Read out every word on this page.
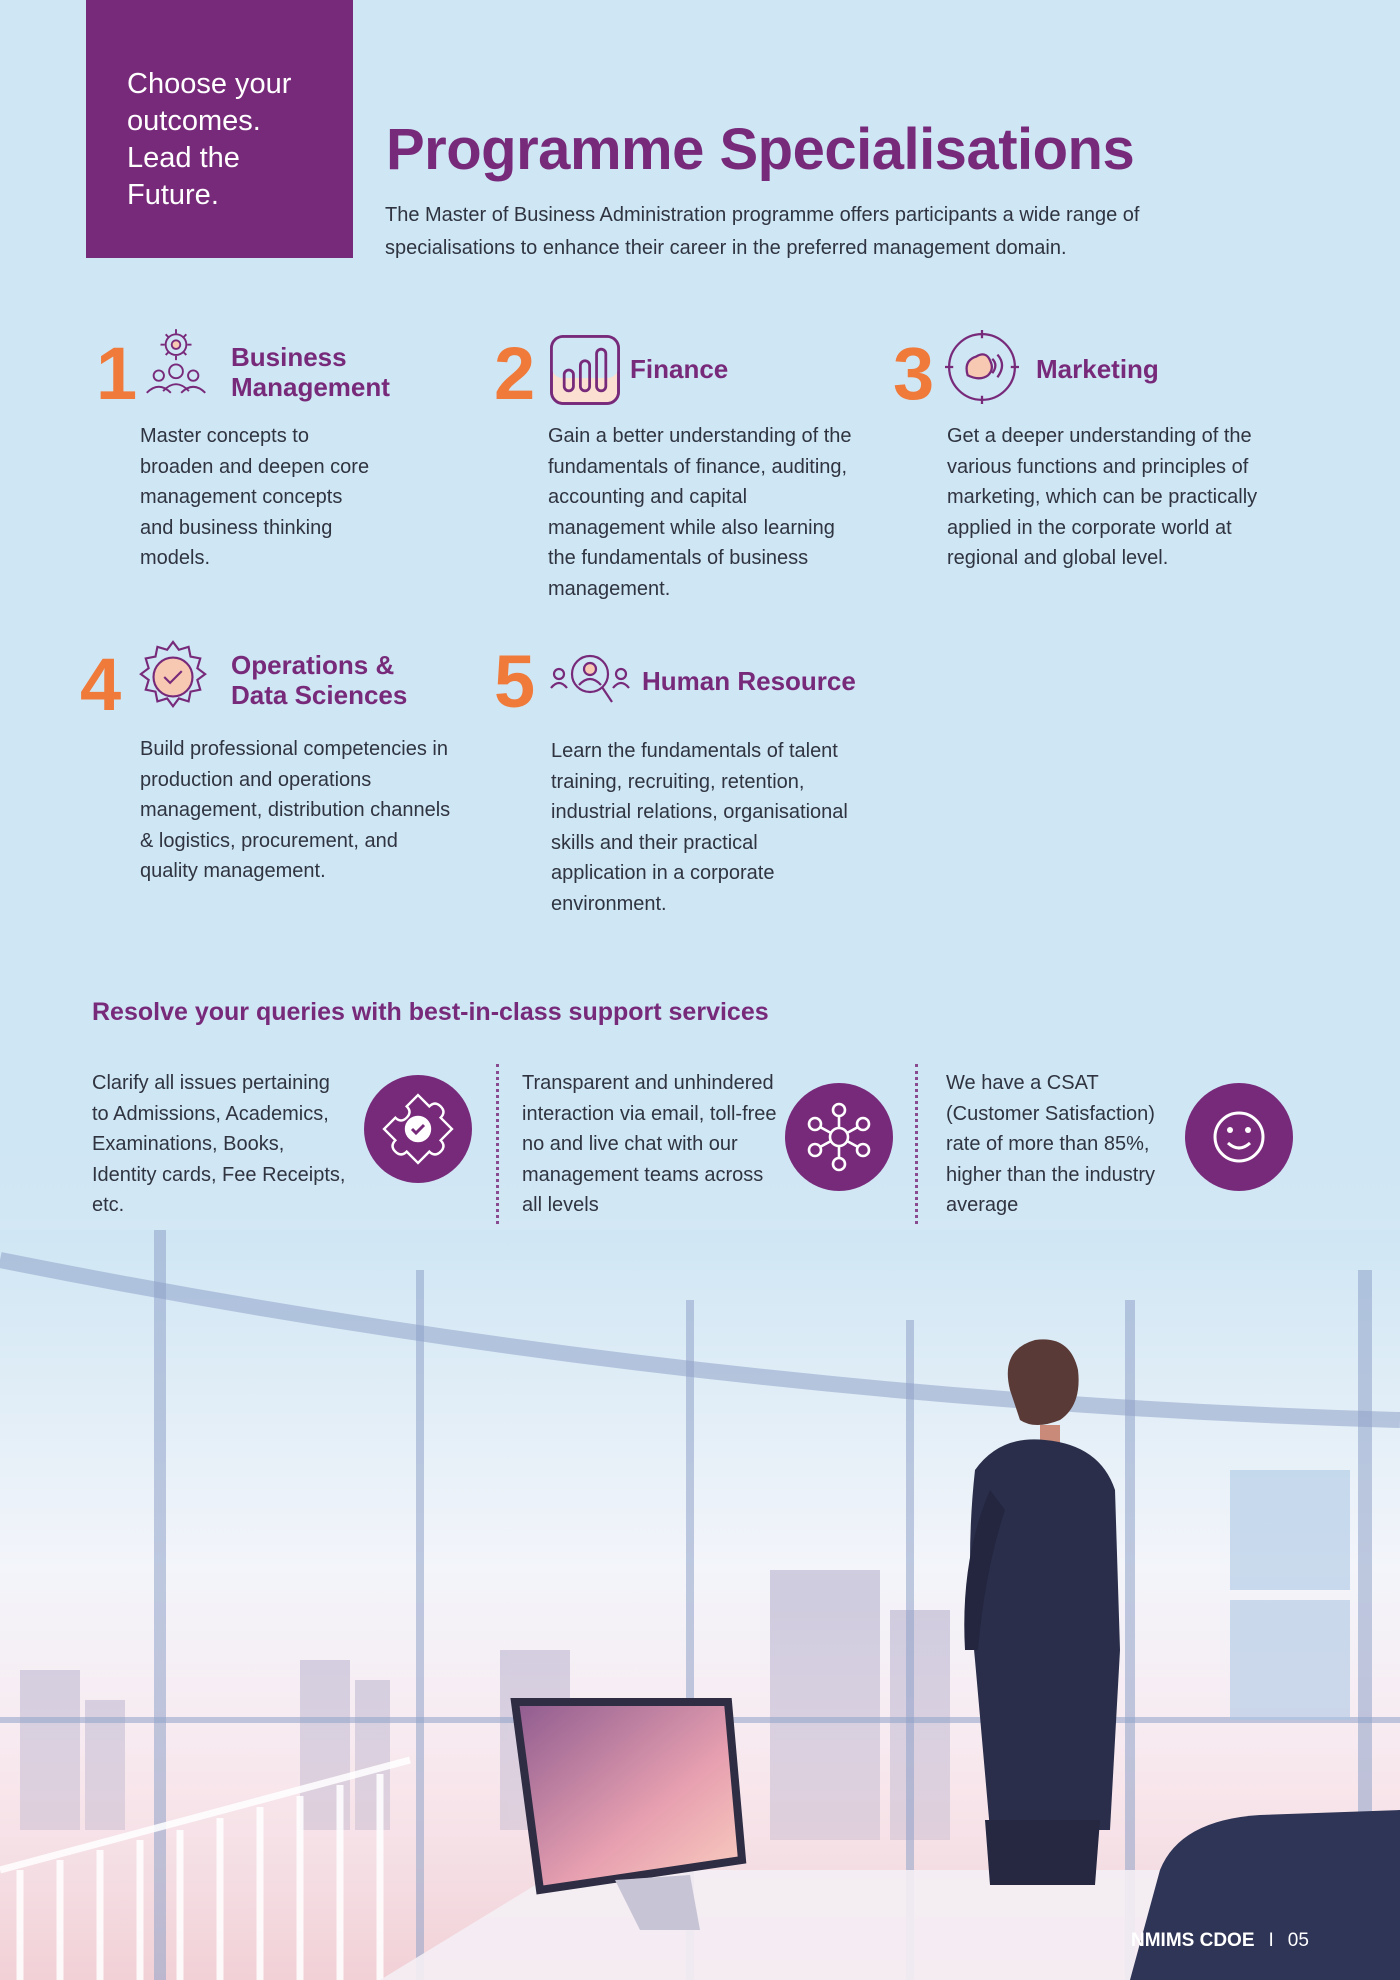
Choose your
outcomes.
Lead the
Future.

Programme Specialisations

The Master of Business Administration programme offers participants a wide range of specialisations to enhance their career in the preferred management domain.

1	Business
Management

Master concepts to broaden and deepen core management concepts and business thinking models.

2	Finance

Gain a better understanding of the fundamentals of finance, auditing, accounting and capital management while also learning the fundamentals of business management.

3	Marketing

Get a deeper understanding of the various functions and principles of marketing, which can be practically applied in the corporate world at regional and global level.

4	Operations &
Data Sciences

Build professional competencies in production and operations management, distribution channels & logistics, procurement, and quality management.

5	Human Resource

Learn the fundamentals of talent training, recruiting, retention, industrial relations, organisational skills and their practical application in a corporate environment.

Resolve your queries with best-in-class support services

Clarify all issues pertaining to Admissions, Academics, Examinations, Books, Identity cards, Fee Receipts, etc.

Transparent and unhindered interaction via email, toll-free no and live chat with our management teams across all levels

We have a CSAT (Customer Satisfaction) rate of more than 85%, higher than the industry average

NMIMS CDOE I 05
